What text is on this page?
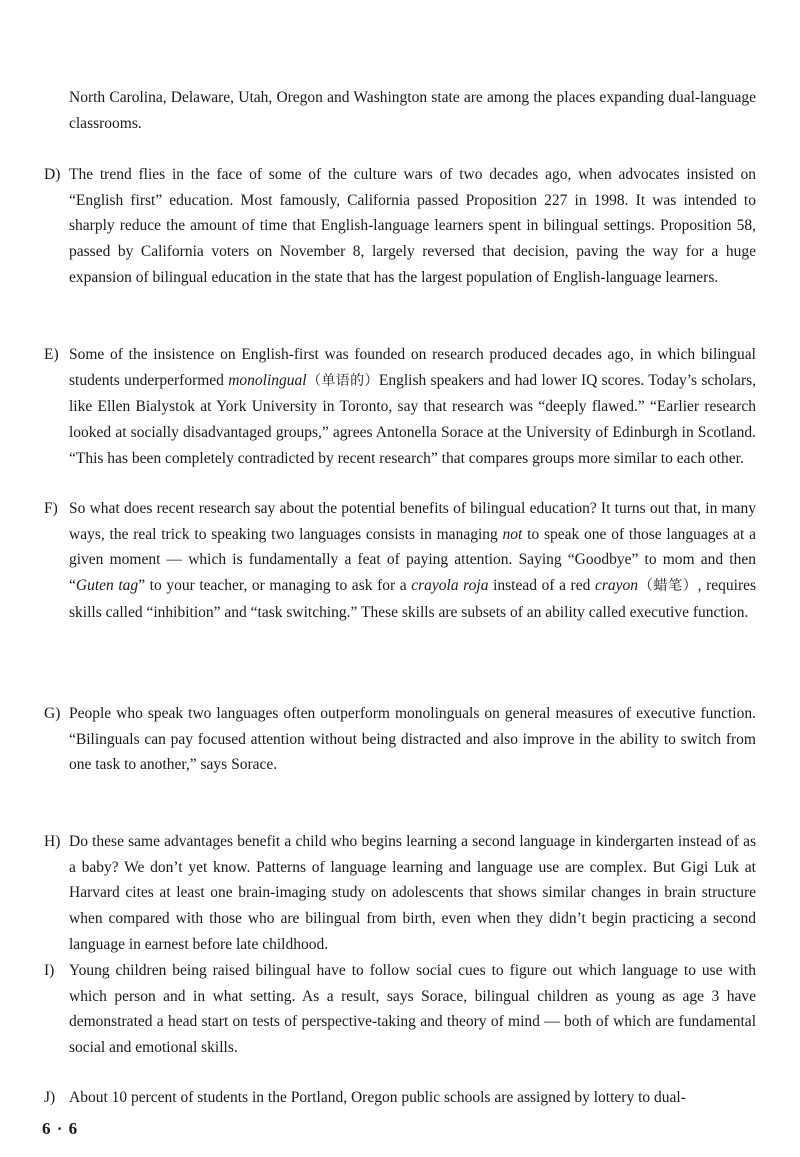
North Carolina, Delaware, Utah, Oregon and Washington state are among the places expanding dual-language classrooms.
D) The trend flies in the face of some of the culture wars of two decades ago, when advocates insisted on “English first” education. Most famously, California passed Proposition 227 in 1998. It was intended to sharply reduce the amount of time that English-language learners spent in bilingual settings. Proposition 58, passed by California voters on November 8, largely reversed that decision, paving the way for a huge expansion of bilingual education in the state that has the largest population of English-language learners.
E) Some of the insistence on English-first was founded on research produced decades ago, in which bilingual students underperformed monolingual（单语的）English speakers and had lower IQ scores. Today’s scholars, like Ellen Bialystok at York University in Toronto, say that research was “deeply flawed.” “Earlier research looked at socially disadvantaged groups,” agrees Antonella Sorace at the University of Edinburgh in Scotland. “This has been completely contradicted by recent research” that compares groups more similar to each other.
F) So what does recent research say about the potential benefits of bilingual education? It turns out that, in many ways, the real trick to speaking two languages consists in managing not to speak one of those languages at a given moment — which is fundamentally a feat of paying attention. Saying “Goodbye” to mom and then “Guten tag” to your teacher, or managing to ask for a crayola roja instead of a red crayon（蜡笔）, requires skills called “inhibition” and “task switching.” These skills are subsets of an ability called executive function.
G) People who speak two languages often outperform monolinguals on general measures of executive function. “Bilinguals can pay focused attention without being distracted and also improve in the ability to switch from one task to another,” says Sorace.
H) Do these same advantages benefit a child who begins learning a second language in kindergarten instead of as a baby? We don’t yet know. Patterns of language learning and language use are complex. But Gigi Luk at Harvard cites at least one brain-imaging study on adolescents that shows similar changes in brain structure when compared with those who are bilingual from birth, even when they didn’t begin practicing a second language in earnest before late childhood.
I) Young children being raised bilingual have to follow social cues to figure out which language to use with which person and in what setting. As a result, says Sorace, bilingual children as young as age 3 have demonstrated a head start on tests of perspective-taking and theory of mind — both of which are fundamental social and emotional skills.
J) About 10 percent of students in the Portland, Oregon public schools are assigned by lottery to dual-
6 · 6
